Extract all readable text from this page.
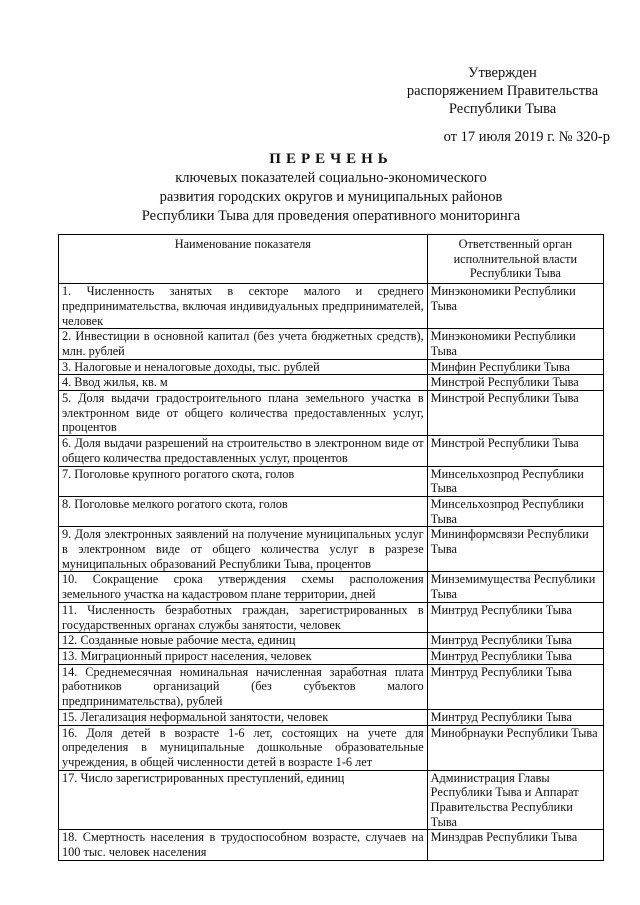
Утвержден
распоряжением Правительства
Республики Тыва
от 17 июля 2019 г. № 320-р
ПЕРЕЧЕНЬ
ключевых показателей социально-экономического
развития городских округов и муниципальных районов
Республики Тыва для проведения оперативного мониторинга
Наименование показателя	Ответственный орган исполнительной власти Республики Тыва
1. Численность занятых в секторе малого и среднего предпринимательства, включая индивидуальных предпринимателей, человек	Минэкономики Республики Тыва
2. Инвестиции в основной капитал (без учета бюджетных средств), млн. рублей	Минэкономики Республики Тыва
3. Налоговые и неналоговые доходы, тыс. рублей	Минфин Республики Тыва
4. Ввод жилья, кв. м	Минстрой Республики Тыва
5. Доля выдачи градостроительного плана земельного участка в электронном виде от общего количества предоставленных услуг, процентов	Минстрой Республики Тыва
6. Доля выдачи разрешений на строительство в электронном виде от общего количества предоставленных услуг, процентов	Минстрой Республики Тыва
7. Поголовье крупного рогатого скота, голов	Минсельхозпрод Республики Тыва
8. Поголовье мелкого рогатого скота, голов	Минсельхозпрод Республики Тыва
9. Доля электронных заявлений на получение муниципальных услуг в электронном виде от общего количества услуг в разрезе муниципальных образований Республики Тыва, процентов	Мининформсвязи Республики Тыва
10. Сокращение срока утверждения схемы расположения земельного участка на кадастровом плане территории, дней	Минземимущества Республики Тыва
11. Численность безработных граждан, зарегистрированных в государственных органах службы занятости, человек	Минтруд Республики Тыва
12. Созданные новые рабочие места, единиц	Минтруд Республики Тыва
13. Миграционный прирост населения, человек	Минтруд Республики Тыва
14. Среднемесячная номинальная начисленная заработная плата работников организаций (без субъектов малого предпринимательства), рублей	Минтруд Республики Тыва
15. Легализация неформальной занятости, человек	Минтруд Республики Тыва
16. Доля детей в возрасте 1-6 лет, состоящих на учете для определения в муниципальные дошкольные образовательные учреждения, в общей численности детей в возрасте 1-6 лет	Минобрнауки Республики Тыва
17. Число зарегистрированных преступлений, единиц	Администрация Главы Республики Тыва и Аппарат Правительства Республики Тыва
18. Смертность населения в трудоспособном возрасте, случаев на 100 тыс. человек населения	Минздрав Республики Тыва
